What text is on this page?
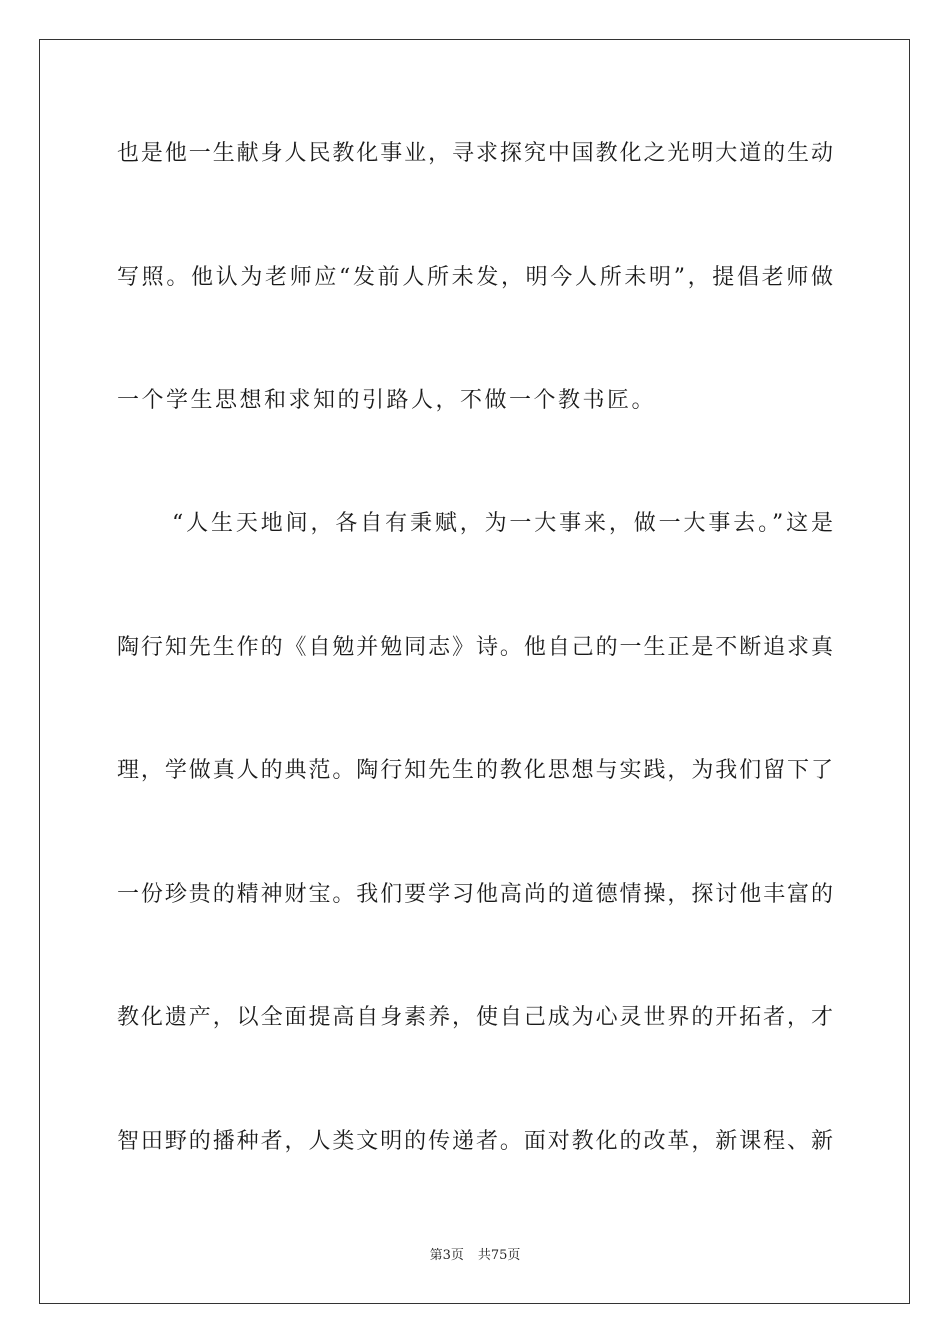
也是他一生献身人民教化事业，寻求探究中国教化之光明大道的生动
写照。他认为老师应“发前人所未发，明今人所未明”，提倡老师做
一个学生思想和求知的引路人，不做一个教书匠。
“人生天地间，各自有秉赋，为一大事来，做一大事去。”这是
陶行知先生作的《自勉并勉同志》诗。他自己的一生正是不断追求真
理，学做真人的典范。陶行知先生的教化思想与实践，为我们留下了
一份珍贵的精神财宝。我们要学习他高尚的道德情操，探讨他丰富的
教化遗产，以全面提高自身素养，使自己成为心灵世界的开拓者，才
智田野的播种者，人类文明的传递者。面对教化的改革，新课程、新
第3页 共75页
